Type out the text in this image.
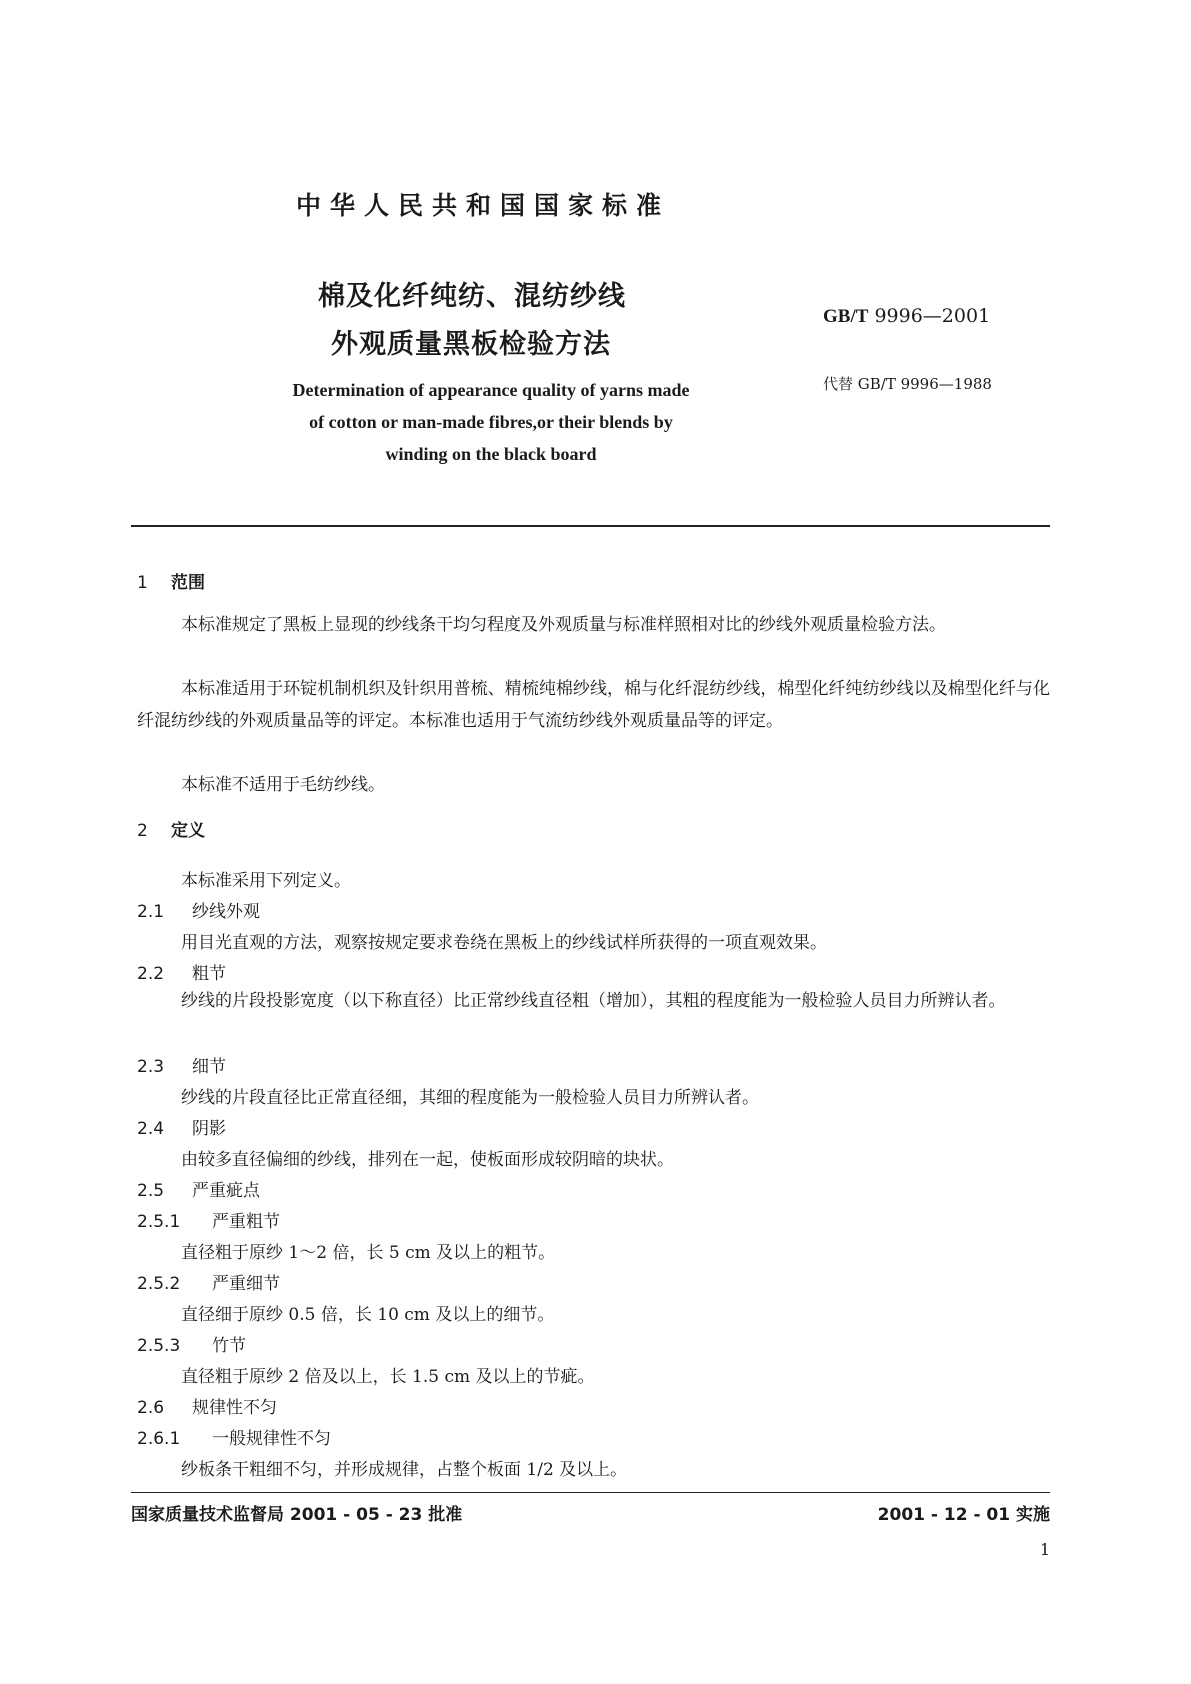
中华人民共和国国家标准
棉及化纤纯纺、混纺纱线
外观质量黑板检验方法
GB/T 9996—2001
代替 GB/T 9996—1988
Determination of appearance quality of yarns made
of cotton or man-made fibres,or their blends by
winding on the black board
1 范围
本标准规定了黑板上显现的纱线条干均匀程度及外观质量与标准样照相对比的纱线外观质量检验方法。
本标准适用于环锭机制机织及针织用普梳、精梳纯棉纱线，棉与化纤混纺纱线，棉型化纤纯纺纱线以及棉型化纤与化纤混纺纱线的外观质量品等的评定。本标准也适用于气流纺纱线外观质量品等的评定。
本标准不适用于毛纺纱线。
2 定义
本标准采用下列定义。
2.1 纱线外观
用目光直观的方法，观察按规定要求卷绕在黑板上的纱线试样所获得的一项直观效果。
2.2 粗节
纱线的片段投影宽度（以下称直径）比正常纱线直径粗（增加），其粗的程度能为一般检验人员目力所辨认者。
2.3 细节
纱线的片段直径比正常直径细，其细的程度能为一般检验人员目力所辨认者。
2.4 阴影
由较多直径偏细的纱线，排列在一起，使板面形成较阴暗的块状。
2.5 严重疵点
2.5.1 严重粗节
直径粗于原纱 1～2 倍，长 5 cm 及以上的粗节。
2.5.2 严重细节
直径细于原纱 0.5 倍，长 10 cm 及以上的细节。
2.5.3 竹节
直径粗于原纱 2 倍及以上，长 1.5 cm 及以上的节疵。
2.6 规律性不匀
2.6.1 一般规律性不匀
纱板条干粗细不匀，并形成规律，占整个板面 1/2 及以上。
国家质量技术监督局 2001 - 05 - 23 批准	2001 - 12 - 01 实施
1
